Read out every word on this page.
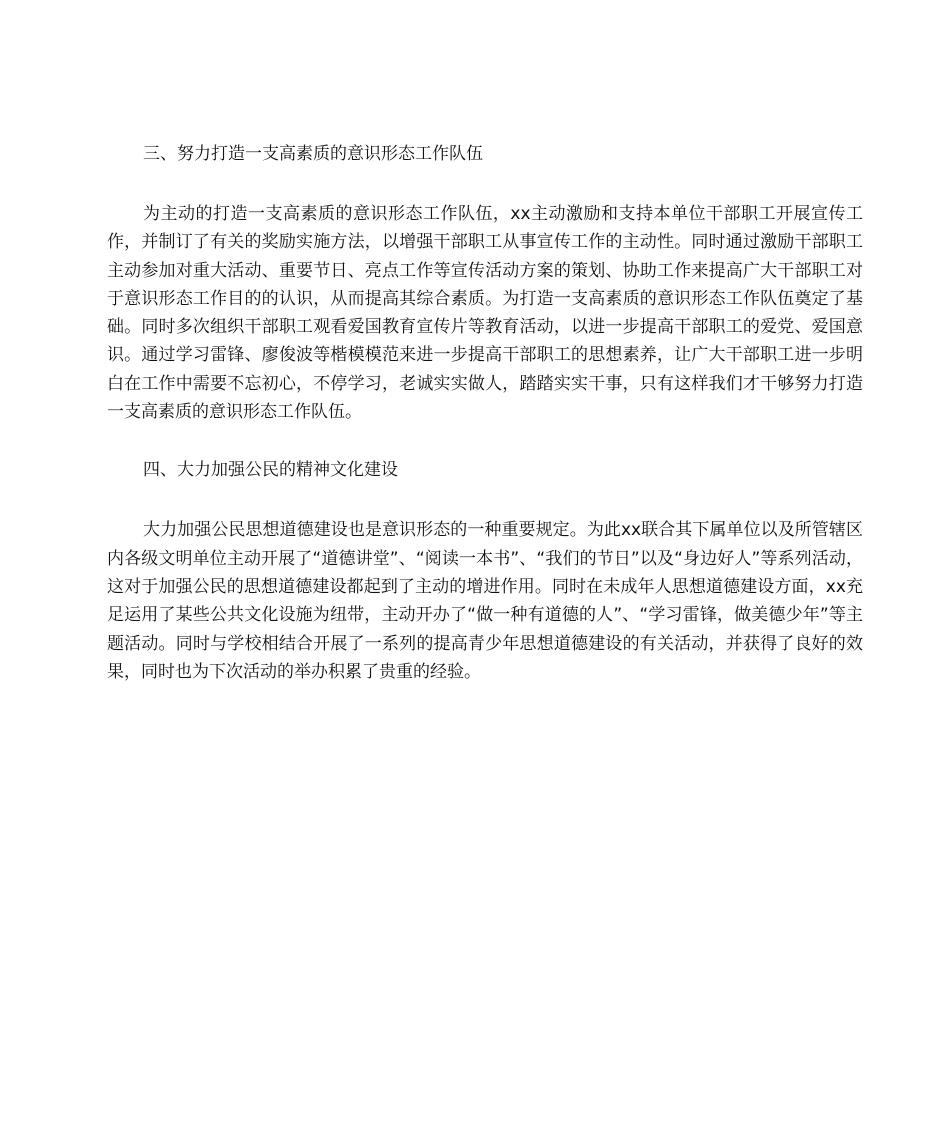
三、努力打造一支高素质的意识形态工作队伍

为主动的打造一支高素质的意识形态工作队伍，xx主动激励和支持本单位干部职工开展宣传工作，并制订了有关的奖励实施方法，以增强干部职工从事宣传工作的主动性。同时通过激励干部职工主动参加对重大活动、重要节日、亮点工作等宣传活动方案的策划、协助工作来提高广大干部职工对于意识形态工作目的的认识，从而提高其综合素质。为打造一支高素质的意识形态工作队伍奠定了基础。同时多次组织干部职工观看爱国教育宣传片等教育活动，以进一步提高干部职工的爱党、爱国意识。通过学习雷锋、廖俊波等楷模模范来进一步提高干部职工的思想素养，让广大干部职工进一步明白在工作中需要不忘初心，不停学习，老诚实实做人，踏踏实实干事，只有这样我们才干够努力打造一支高素质的意识形态工作队伍。

四、大力加强公民的精神文化建设

大力加强公民思想道德建设也是意识形态的一种重要规定。为此xx联合其下属单位以及所管辖区内各级文明单位主动开展了“道德讲堂”、“阅读一本书”、“我们的节日”以及“身边好人”等系列活动，这对于加强公民的思想道德建设都起到了主动的增进作用。同时在未成年人思想道德建设方面，xx充足运用了某些公共文化设施为纽带，主动开办了“做一种有道德的人”、“学习雷锋，做美德少年”等主题活动。同时与学校相结合开展了一系列的提高青少年思想道德建设的有关活动，并获得了良好的效果，同时也为下次活动的举办积累了贵重的经验。
